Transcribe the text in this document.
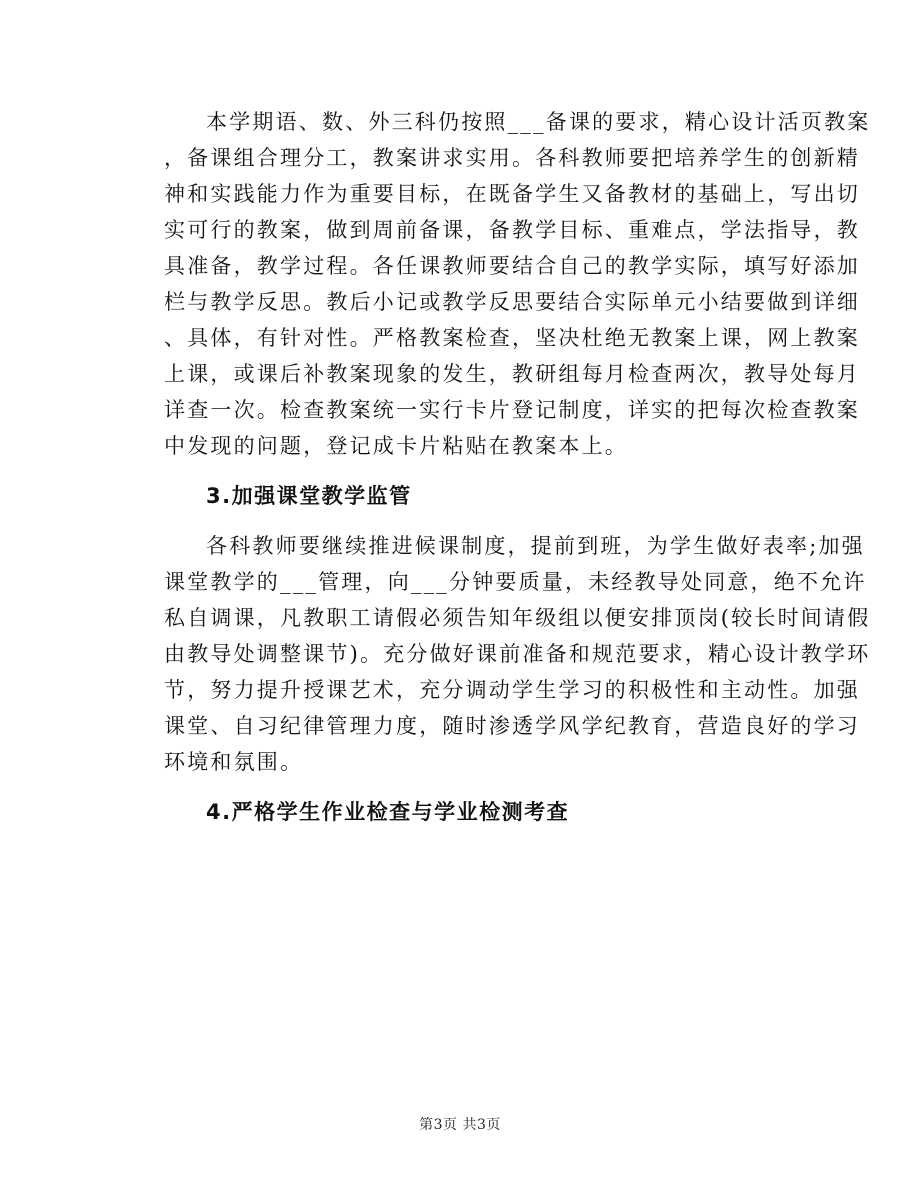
本学期语、数、外三科仍按照___备课的要求，精心设计活页教案
，备课组合理分工，教案讲求实用。各科教师要把培养学生的创新精
神和实践能力作为重要目标，在既备学生又备教材的基础上，写出切
实可行的教案，做到周前备课，备教学目标、重难点，学法指导，教
具准备，教学过程。各任课教师要结合自己的教学实际，填写好添加
栏与教学反思。教后小记或教学反思要结合实际单元小结要做到详细
、具体，有针对性。严格教案检查，坚决杜绝无教案上课，网上教案
上课，或课后补教案现象的发生，教研组每月检查两次，教导处每月
详查一次。检查教案统一实行卡片登记制度，详实的把每次检查教案
中发现的问题，登记成卡片粘贴在教案本上。
3.加强课堂教学监管
各科教师要继续推进候课制度，提前到班，为学生做好表率;加强
课堂教学的___管理，向___分钟要质量，未经教导处同意，绝不允许
私自调课，凡教职工请假必须告知年级组以便安排顶岗(较长时间请假
由教导处调整课节)。充分做好课前准备和规范要求，精心设计教学环
节，努力提升授课艺术，充分调动学生学习的积极性和主动性。加强
课堂、自习纪律管理力度，随时渗透学风学纪教育，营造良好的学习
环境和氛围。
4.严格学生作业检查与学业检测考查
第3页 共3页
